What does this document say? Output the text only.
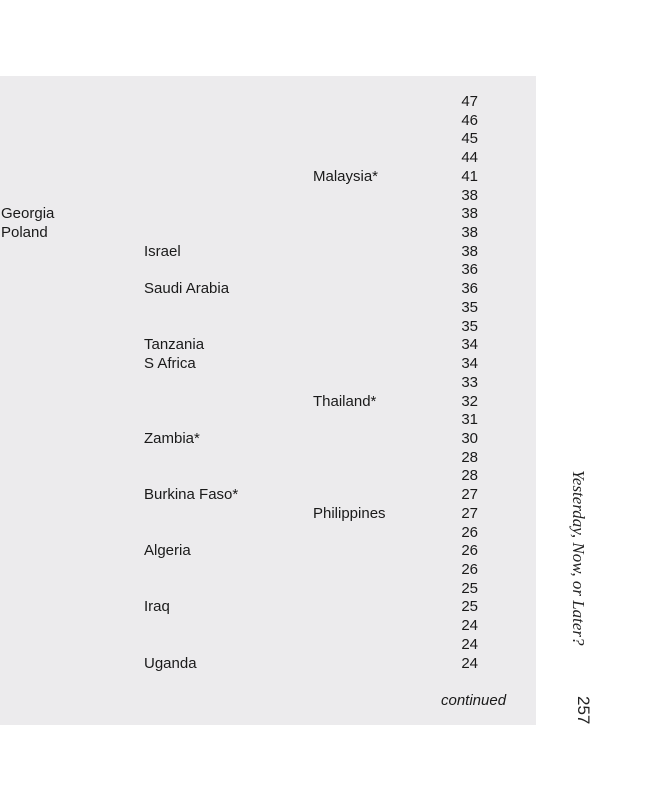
47
46
45
44
Malaysia*	41
38
Georgia	38
Poland	38
Israel	38
36
Saudi Arabia	36
35
35
Tanzania	34
S Africa	34
33
Thailand*	32
31
Zambia*	30
28
28
Burkina Faso*	27
Philippines	27
26
Algeria	26
26
25
Iraq	25
24
24
Uganda	24
continued
Yesterday, Now, or Later?
257
